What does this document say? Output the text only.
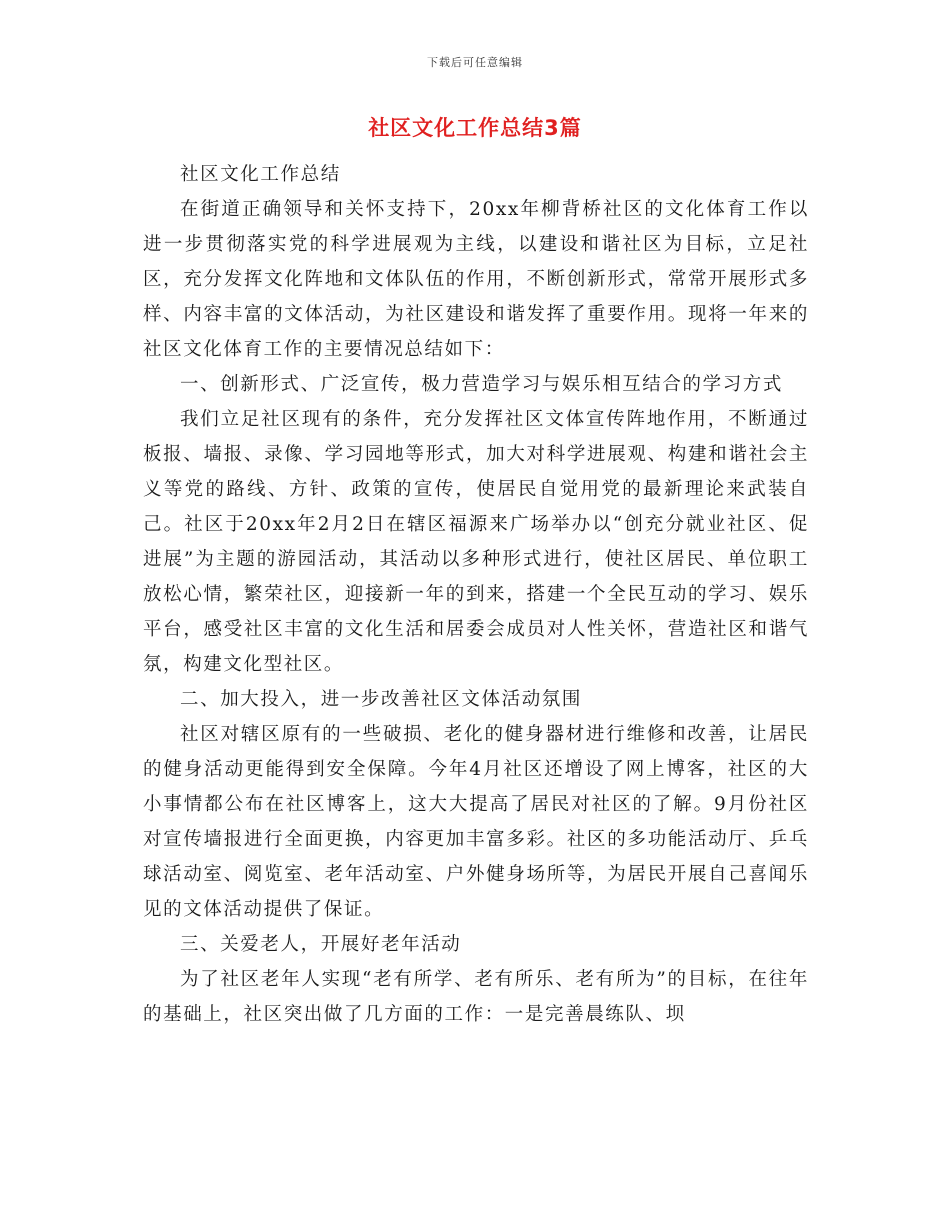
下载后可任意编辑
社区文化工作总结3篇

社区文化工作总结

在街道正确领导和关怀支持下，20xx年柳背桥社区的文化体育工作以进一步贯彻落实党的科学进展观为主线，以建设和谐社区为目标，立足社区，充分发挥文化阵地和文体队伍的作用，不断创新形式，常常开展形式多样、内容丰富的文体活动，为社区建设和谐发挥了重要作用。现将一年来的社区文化体育工作的主要情况总结如下：

一、创新形式、广泛宣传，极力营造学习与娱乐相互结合的学习方式

我们立足社区现有的条件，充分发挥社区文体宣传阵地作用，不断通过板报、墙报、录像、学习园地等形式，加大对科学进展观、构建和谐社会主义等党的路线、方针、政策的宣传，使居民自觉用党的最新理论来武装自己。社区于20xx年2月2日在辖区福源来广场举办以“创充分就业社区、促进展”为主题的游园活动，其活动以多种形式进行，使社区居民、单位职工放松心情，繁荣社区，迎接新一年的到来，搭建一个全民互动的学习、娱乐平台，感受社区丰富的文化生活和居委会成员对人性关怀，营造社区和谐气氛，构建文化型社区。

二、加大投入，进一步改善社区文体活动氛围

社区对辖区原有的一些破损、老化的健身器材进行维修和改善，让居民的健身活动更能得到安全保障。今年4月社区还增设了网上博客，社区的大小事情都公布在社区博客上，这大大提高了居民对社区的了解。9月份社区对宣传墙报进行全面更换，内容更加丰富多彩。社区的多功能活动厅、乒乓球活动室、阅览室、老年活动室、户外健身场所等，为居民开展自己喜闻乐见的文体活动提供了保证。

三、关爱老人，开展好老年活动

为了社区老年人实现“老有所学、老有所乐、老有所为”的目标，在往年的基础上，社区突出做了几方面的工作：一是完善晨练队、坝
